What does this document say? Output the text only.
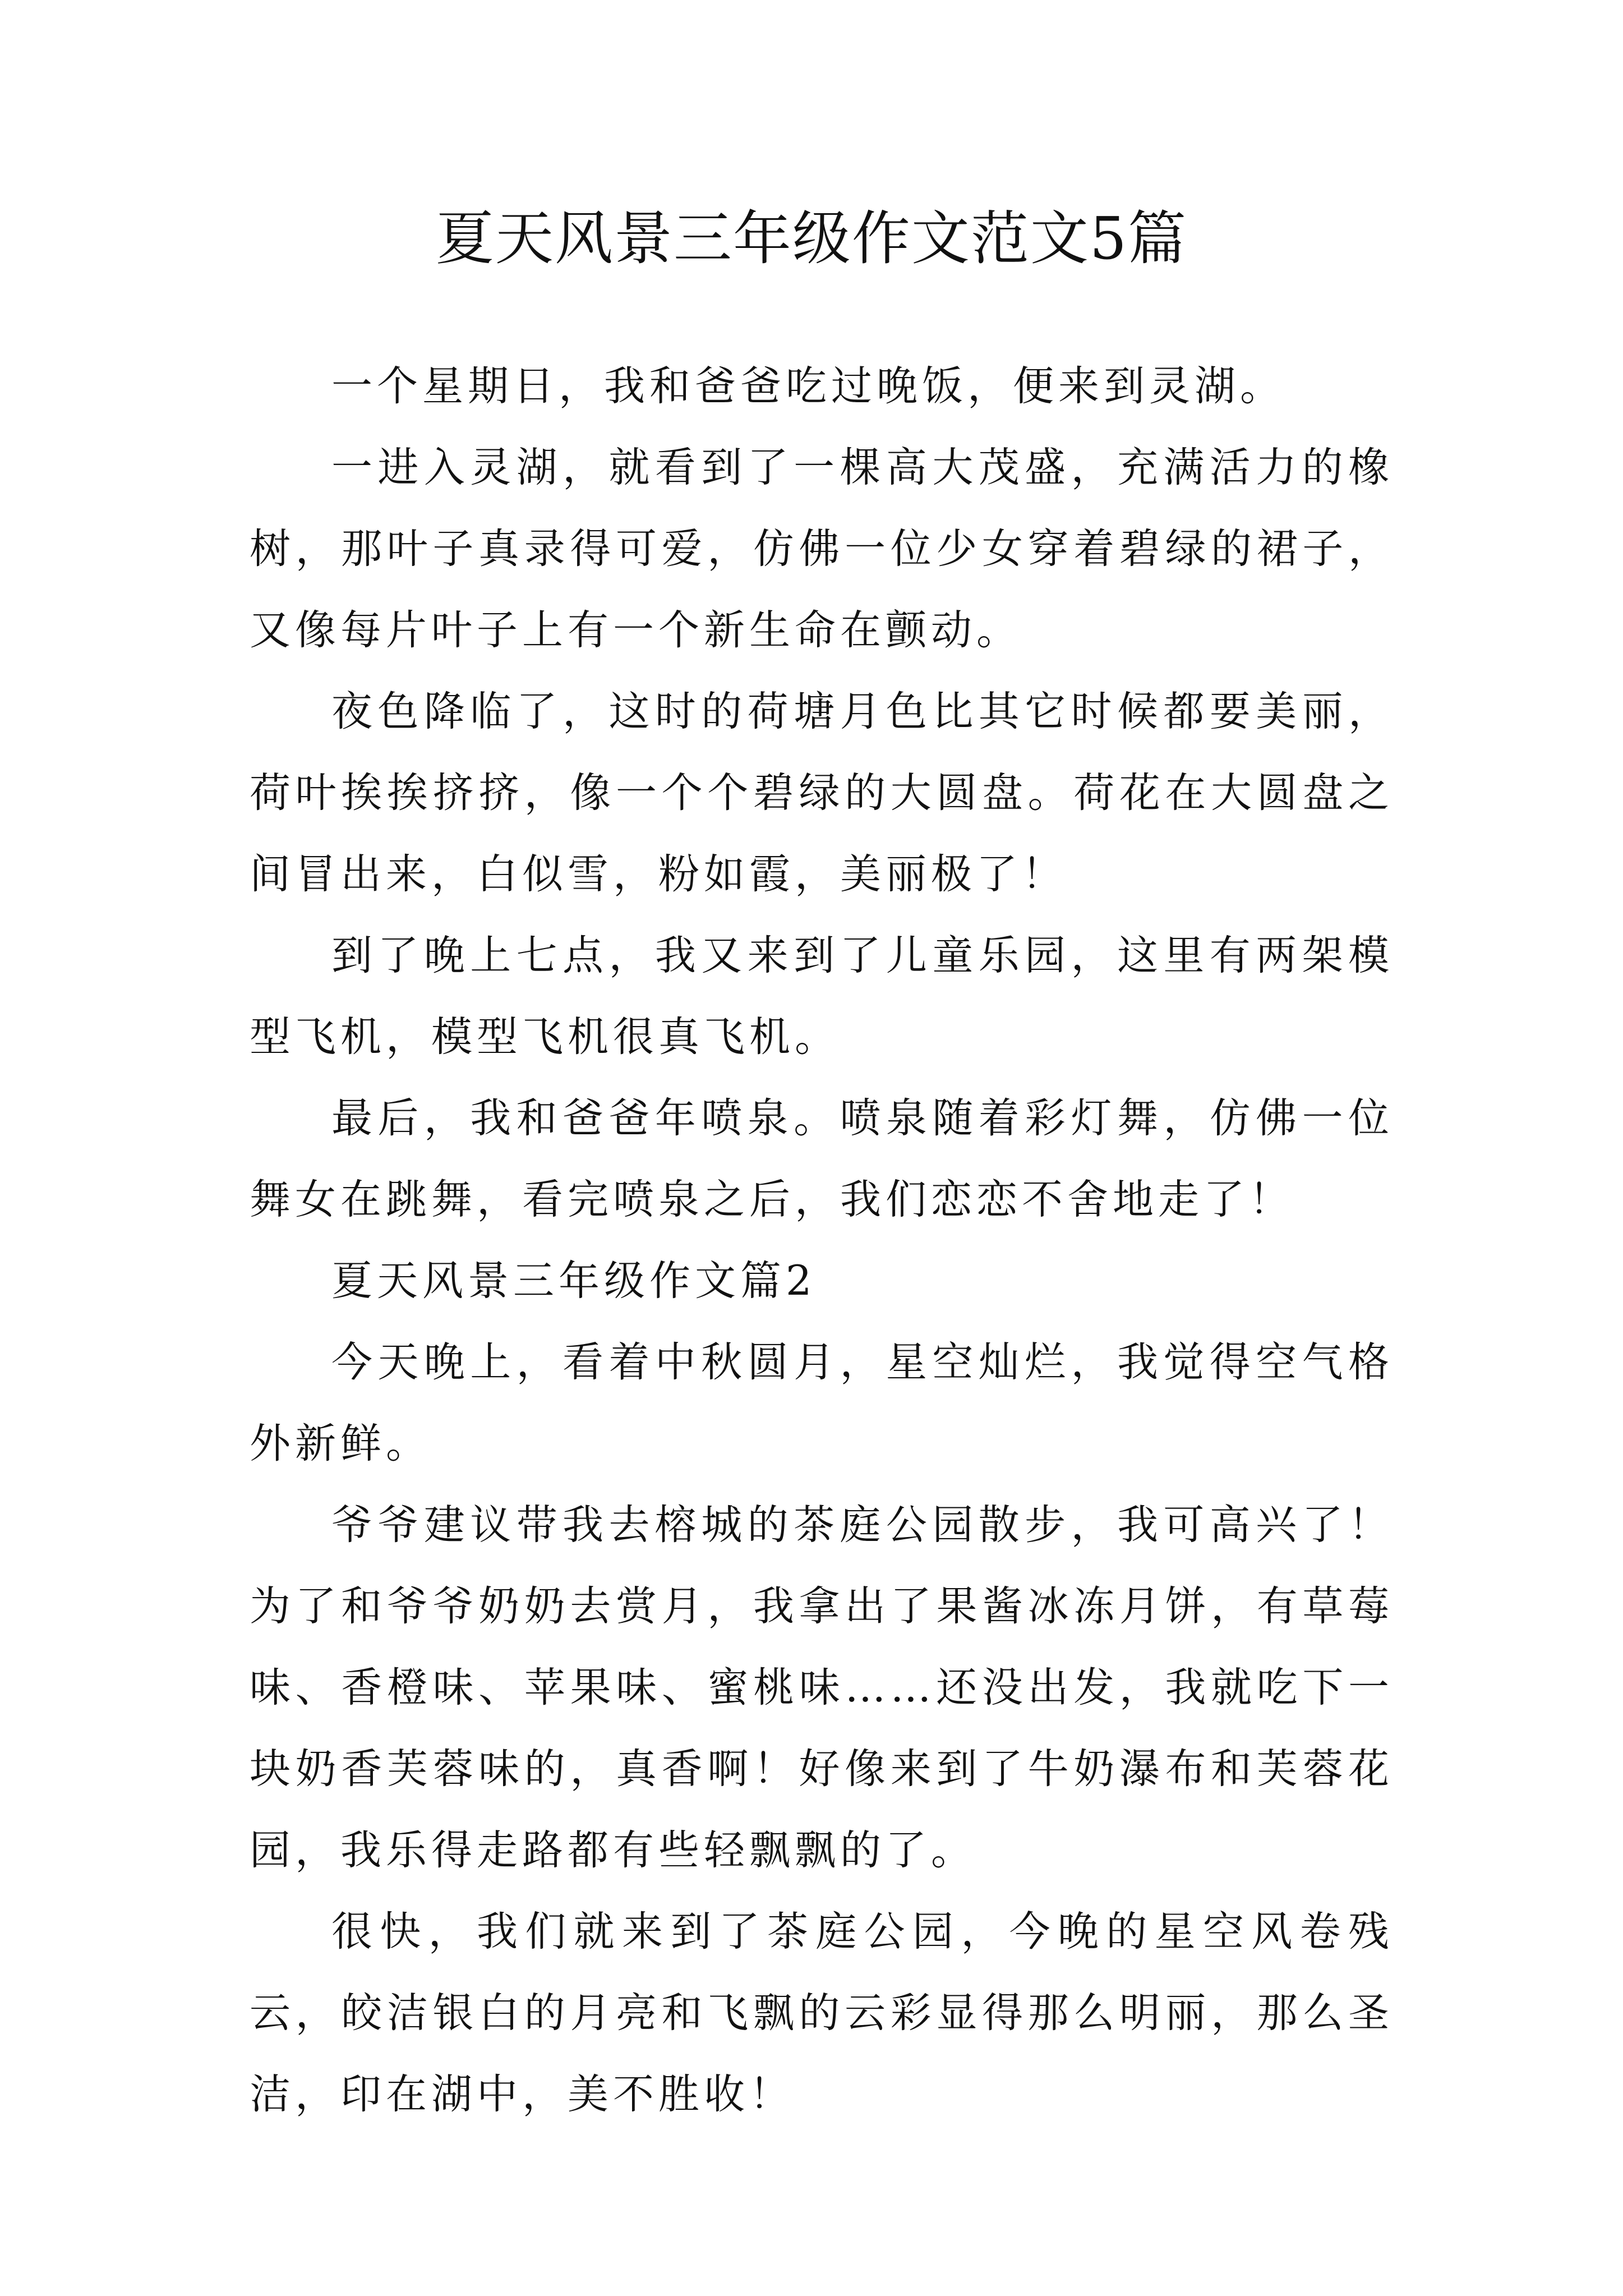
夏天风景三年级作文范文5篇

一个星期日，我和爸爸吃过晚饭，便来到灵湖。

一进入灵湖，就看到了一棵高大茂盛，充满活力的橡树，那叶子真录得可爱，仿佛一位少女穿着碧绿的裙子，又像每片叶子上有一个新生命在颤动。

夜色降临了，这时的荷塘月色比其它时候都要美丽，荷叶挨挨挤挤，像一个个碧绿的大圆盘。荷花在大圆盘之间冒出来，白似雪，粉如霞，美丽极了！

到了晚上七点，我又来到了儿童乐园，这里有两架模型飞机，模型飞机很真飞机。

最后，我和爸爸年喷泉。喷泉随着彩灯舞，仿佛一位舞女在跳舞，看完喷泉之后，我们恋恋不舍地走了！

夏天风景三年级作文篇2

今天晚上，看着中秋圆月，星空灿烂，我觉得空气格外新鲜。

爷爷建议带我去榕城的茶庭公园散步，我可高兴了！为了和爷爷奶奶去赏月，我拿出了果酱冰冻月饼，有草莓味、香橙味、苹果味、蜜桃味……还没出发，我就吃下一块奶香芙蓉味的，真香啊！好像来到了牛奶瀑布和芙蓉花园，我乐得走路都有些轻飘飘的了。

很快，我们就来到了茶庭公园，今晚的星空风卷残云，皎洁银白的月亮和飞飘的云彩显得那么明丽，那么圣洁，印在湖中，美不胜收！
